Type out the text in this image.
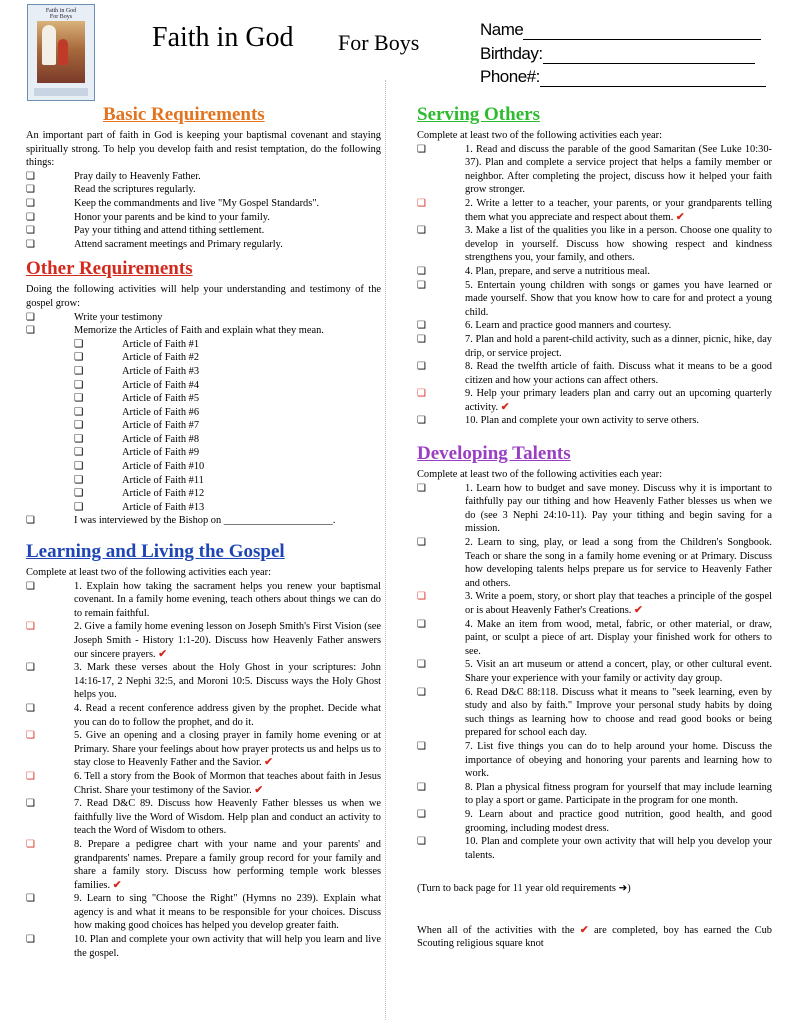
Faith in God
For Boys
Faith in God For Boys
Name
Birthday:
Phone#:
Basic Requirements

An important part of faith in God is keeping your baptismal covenant and staying spiritually strong. To help you develop faith and resist temptation, do the following things:

❏	Pray daily to Heavenly Father.
❏	Read the scriptures regularly.
❏	Keep the commandments and live "My Gospel Standards".
❏	Honor your parents and be kind to your family.
❏	Pay your tithing and attend tithing settlement.
❏	Attend sacrament meetings and Primary regularly.
Other Requirements

Doing the following activities will help your understanding and testimony of the gospel grow:

❏	Write your testimony
❏	Memorize the Articles of Faith and explain what they mean.
❏	Article of Faith #1
❏	Article of Faith #2
❏	Article of Faith #3
❏	Article of Faith #4
❏	Article of Faith #5
❏	Article of Faith #6
❏	Article of Faith #7
❏	Article of Faith #8
❏	Article of Faith #9
❏	Article of Faith #10
❏	Article of Faith #11
❏	Article of Faith #12
❏	Article of Faith #13
❏	I was interviewed by the Bishop on _____________________.
Learning and Living the Gospel

Complete at least two of the following activities each year:

❏	1. Explain how taking the sacrament helps you renew your baptismal covenant. In a family home evening, teach others about things we can do to remain faithful.
❏	2. Give a family home evening lesson on Joseph Smith's First Vision (see Joseph Smith - History 1:1-20). Discuss how Heavenly Father answers our sincere prayers. ✔
❏	3. Mark these verses about the Holy Ghost in your scriptures: John 14:16-17, 2 Nephi 32:5, and Moroni 10:5. Discuss ways the Holy Ghost helps you.
❏	4. Read a recent conference address given by the prophet. Decide what you can do to follow the prophet, and do it.
❏	5. Give an opening and a closing prayer in family home evening or at Primary. Share your feelings about how prayer protects us and helps us to stay close to Heavenly Father and the Savior. ✔
❏	6. Tell a story from the Book of Mormon that teaches about faith in Jesus Christ. Share your testimony of the Savior. ✔
❏	7. Read D&C 89. Discuss how Heavenly Father blesses us when we faithfully live the Word of Wisdom. Help plan and conduct an activity to teach the Word of Wisdom to others.
❏	8. Prepare a pedigree chart with your name and your parents' and grandparents' names. Prepare a family group record for your family and share a family story. Discuss how performing temple work blesses families. ✔
❏	9. Learn to sing "Choose the Right" (Hymns no 239). Explain what agency is and what it means to be responsible for your choices. Discuss how making good choices has helped you develop greater faith.
❏	10. Plan and complete your own activity that will help you learn and live the gospel.
Serving Others

Complete at least two of the following activities each year:

❏	1. Read and discuss the parable of the good Samaritan (See Luke 10:30-37). Plan and complete a service project that helps a family member or neighbor. After completing the project, discuss how it helped your faith grow stronger.
❏	2. Write a letter to a teacher, your parents, or your grandparents telling them what you appreciate and respect about them. ✔
❏	3. Make a list of the qualities you like in a person. Choose one quality to develop in yourself. Discuss how showing respect and kindness strengthens you, your family, and others.
❏	4. Plan, prepare, and serve a nutritious meal.
❏	5. Entertain young children with songs or games you have learned or made yourself. Show that you know how to care for and protect a young child.
❏	6. Learn and practice good manners and courtesy.
❏	7. Plan and hold a parent-child activity, such as a dinner, picnic, hike, day drip, or service project.
❏	8. Read the twelfth article of faith. Discuss what it means to be a good citizen and how your actions can affect others.
❏	9. Help your primary leaders plan and carry out an upcoming quarterly activity. ✔
❏	10. Plan and complete your own activity to serve others.
Developing Talents

Complete at least two of the following activities each year:

❏	1. Learn how to budget and save money. Discuss why it is important to faithfully pay our tithing and how Heavenly Father blesses us when we do (see 3 Nephi 24:10-11). Pay your tithing and begin saving for a mission.
❏	2. Learn to sing, play, or lead a song from the Children's Songbook. Teach or share the song in a family home evening or at Primary. Discuss how developing talents helps prepare us for service to Heavenly Father and others.
❏	3. Write a poem, story, or short play that teaches a principle of the gospel or is about Heavenly Father's Creations. ✔
❏	4. Make an item from wood, metal, fabric, or other material, or draw, paint, or sculpt a piece of art. Display your finished work for others to see.
❏	5. Visit an art museum or attend a concert, play, or other cultural event. Share your experience with your family or activity day group.
❏	6. Read D&C 88:118. Discuss what it means to "seek learning, even by study and also by faith." Improve your personal study habits by doing such things as learning how to choose and read good books or being prepared for school each day.
❏	7. List five things you can do to help around your home. Discuss the importance of obeying and honoring your parents and learning how to work.
❏	8. Plan a physical fitness program for yourself that may include learning to play a sport or game. Participate in the program for one month.
❏	9. Learn about and practice good nutrition, good health, and good grooming, including modest dress.
❏	10. Plan and complete your own activity that will help you develop your talents.

(Turn to back page for 11 year old requirements ➜)

When all of the activities with the ✔ are completed, boy has earned the Cub Scouting religious square knot
